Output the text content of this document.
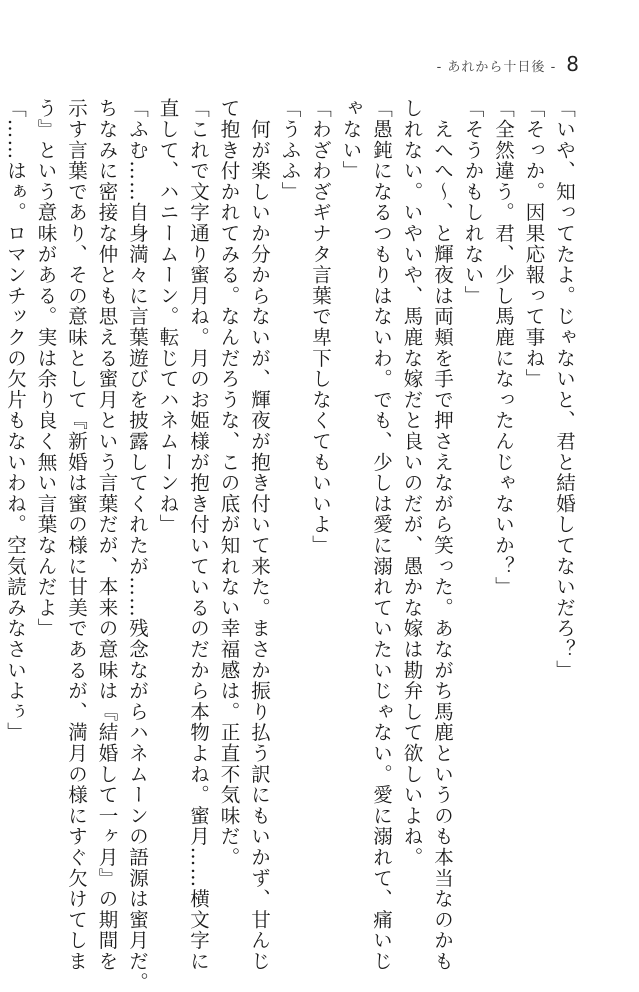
- あれから十日後 - 8
「いや、知ってたよ。じゃないと、君と結婚してないだろ？」
「そっか。因果応報って事ね」
「全然違う。君、少し馬鹿になったんじゃないか？」
「そうかもしれない」
　えへへ～、と輝夜は両頬を手で押さえながら笑った。あながち馬鹿というのも本当なのかも
しれない。いやいや、馬鹿な嫁だと良いのだが、愚かな嫁は勘弁して欲しいよね。
「愚鈍になるつもりはないわ。でも、少しは愛に溺れていたいじゃない。愛に溺れて、痛いじ
ゃない」
「わざわざギナタ言葉で卑下しなくてもいいよ」
「うふふ」
　何が楽しいか分からないが、輝夜が抱き付いて来た。まさか振り払う訳にもいかず、甘んじ
て抱き付かれてみる。なんだろうな、この底が知れない幸福感は。正直不気味だ。
「これで文字通り蜜月ね。月のお姫様が抱き付いているのだから本物よね。蜜月……横文字に
直して、ハニームーン。転じてハネムーンね」
「ふむ……自身満々に言葉遊びを披露してくれたが……残念ながらハネムーンの語源は蜜月だ。
ちなみに密接な仲とも思える蜜月という言葉だが、本来の意味は『結婚して一ヶ月』の期間を
示す言葉であり、その意味として『新婚は蜜の様に甘美であるが、満月の様にすぐ欠けてしま
う』という意味がある。実は余り良く無い言葉なんだよ」
「……はぁ。ロマンチックの欠片もないわね。空気読みなさいよぅ」
